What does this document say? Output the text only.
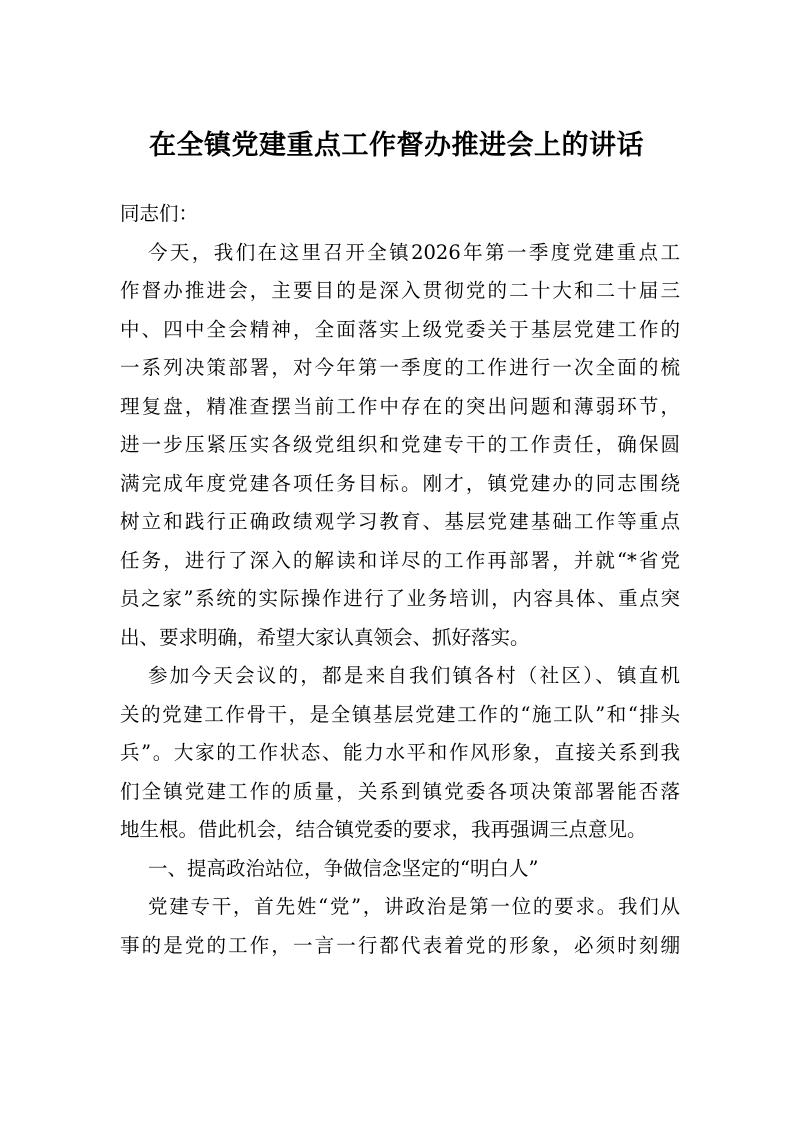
在全镇党建重点工作督办推进会上的讲话
同志们：
今天，我们在这里召开全镇2026年第一季度党建重点工
作督办推进会，主要目的是深入贯彻党的二十大和二十届三
中、四中全会精神，全面落实上级党委关于基层党建工作的
一系列决策部署，对今年第一季度的工作进行一次全面的梳
理复盘，精准查摆当前工作中存在的突出问题和薄弱环节，
进一步压紧压实各级党组织和党建专干的工作责任，确保圆
满完成年度党建各项任务目标。刚才，镇党建办的同志围绕
树立和践行正确政绩观学习教育、基层党建基础工作等重点
任务，进行了深入的解读和详尽的工作再部署，并就“*省党
员之家”系统的实际操作进行了业务培训，内容具体、重点突
出、要求明确，希望大家认真领会、抓好落实。
参加今天会议的，都是来自我们镇各村（社区）、镇直机
关的党建工作骨干，是全镇基层党建工作的“施工队”和“排头
兵”。大家的工作状态、能力水平和作风形象，直接关系到我
们全镇党建工作的质量，关系到镇党委各项决策部署能否落
地生根。借此机会，结合镇党委的要求，我再强调三点意见。
一、提高政治站位，争做信念坚定的“明白人”
党建专干，首先姓“党”，讲政治是第一位的要求。我们从
事的是党的工作，一言一行都代表着党的形象，必须时刻绷
